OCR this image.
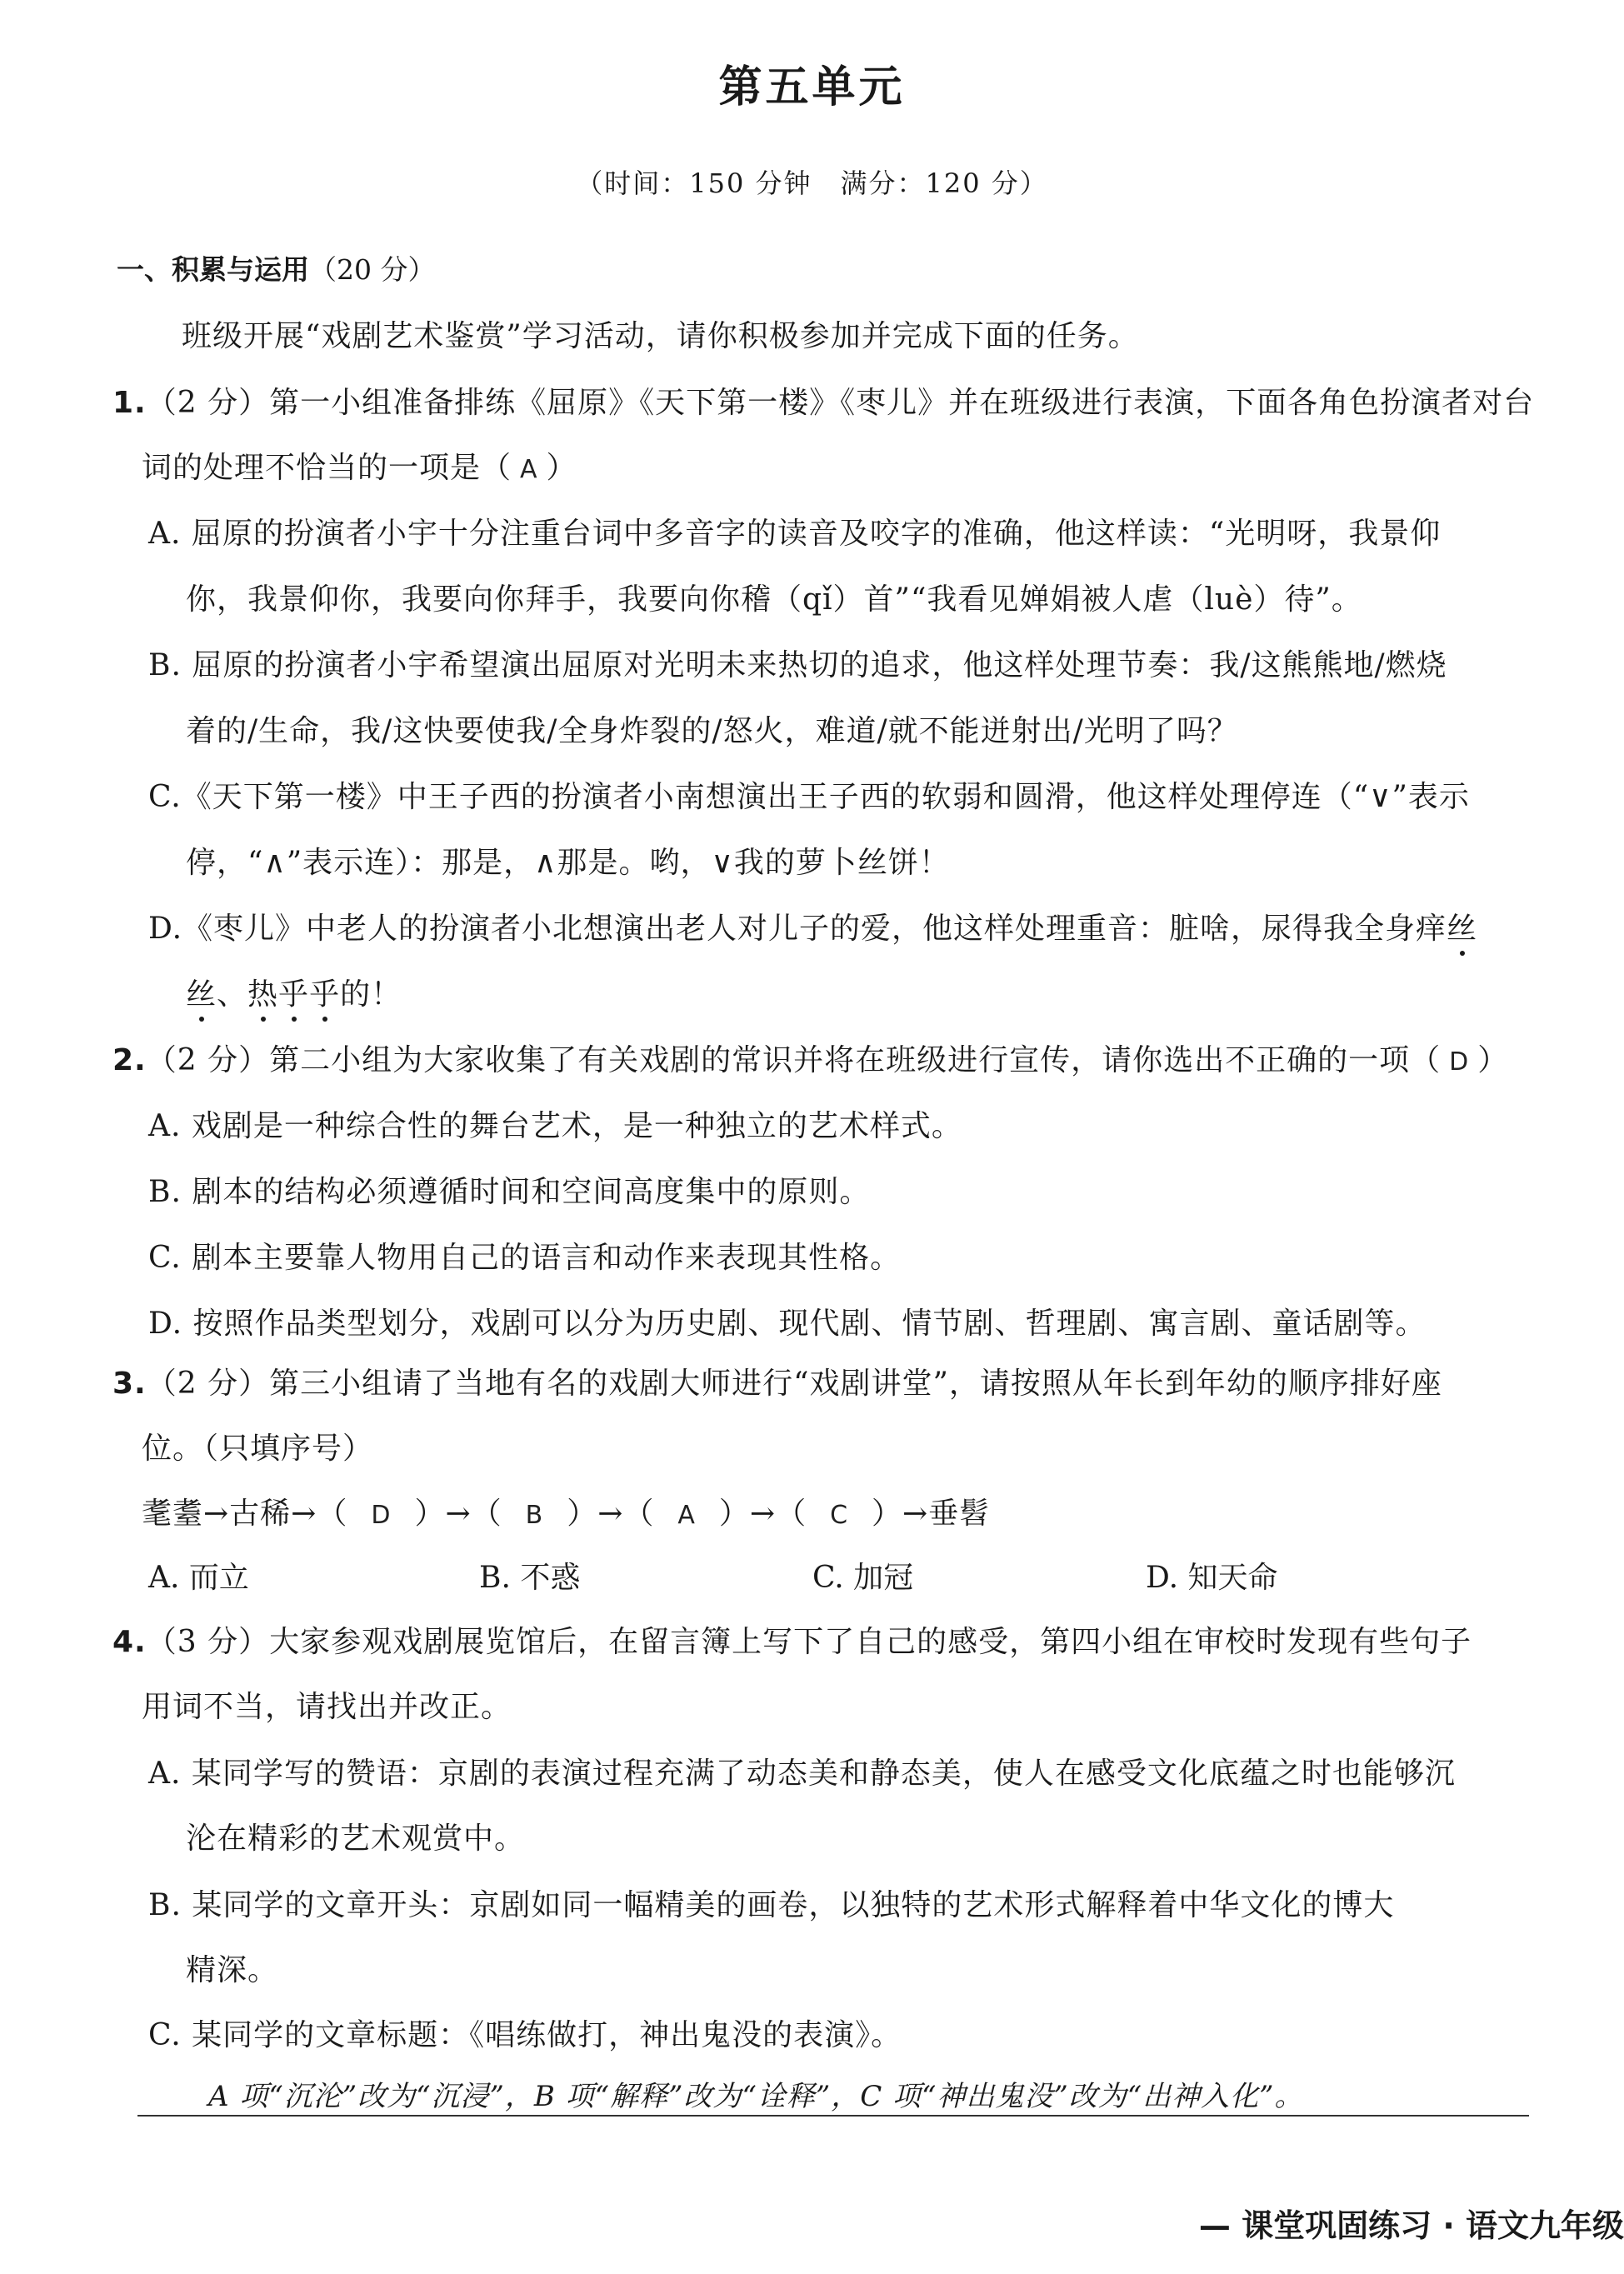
第五单元
（时间：150 分钟　满分：120 分）
一、积累与运用（20 分）
班级开展“戏剧艺术鉴赏”学习活动，请你积极参加并完成下面的任务。
1.（2 分）第一小组准备排练《屈原》《天下第一楼》《枣儿》并在班级进行表演，下面各角色扮演者对台
词的处理不恰当的一项是（ A ）
A. 屈原的扮演者小宇十分注重台词中多音字的读音及咬字的准确，他这样读：“光明呀，我景仰
你，我景仰你，我要向你拜手，我要向你稽（qǐ）首”“我看见婵娟被人虐（luè）待”。
B. 屈原的扮演者小宇希望演出屈原对光明未来热切的追求，他这样处理节奏：我/这熊熊地/燃烧
着的/生命，我/这快要使我/全身炸裂的/怒火，难道/就不能迸射出/光明了吗？
C.《天下第一楼》中王子西的扮演者小南想演出王子西的软弱和圆滑，他这样处理停连（“∨”表示
停，“∧”表示连）：那是，∧那是。哟，∨我的萝卜丝饼！
D.《枣儿》中老人的扮演者小北想演出老人对儿子的爱，他这样处理重音：脏啥，尿得我全身痒丝
丝、热乎乎的！
2.（2 分）第二小组为大家收集了有关戏剧的常识并将在班级进行宣传，请你选出不正确的一项（ D ）
A. 戏剧是一种综合性的舞台艺术，是一种独立的艺术样式。
B. 剧本的结构必须遵循时间和空间高度集中的原则。
C. 剧本主要靠人物用自己的语言和动作来表现其性格。
D. 按照作品类型划分，戏剧可以分为历史剧、现代剧、情节剧、哲理剧、寓言剧、童话剧等。
3.（2 分）第三小组请了当地有名的戏剧大师进行“戏剧讲堂”，请按照从年长到年幼的顺序排好座
位。（只填序号）
耄耋→古稀→（ D ）→（ B ）→（ A ）→（ C ）→垂髫
A. 而立	B. 不惑	C. 加冠	D. 知天命
4.（3 分）大家参观戏剧展览馆后，在留言簿上写下了自己的感受，第四小组在审校时发现有些句子
用词不当，请找出并改正。
A. 某同学写的赞语：京剧的表演过程充满了动态美和静态美，使人在感受文化底蕴之时也能够沉
沦在精彩的艺术观赏中。
B. 某同学的文章开头：京剧如同一幅精美的画卷，以独特的艺术形式解释着中华文化的博大
精深。
C. 某同学的文章标题：《唱练做打，神出鬼没的表演》。
A 项“沉沦”改为“沉浸”，B 项“解释”改为“诠释”，C 项“神出鬼没”改为“出神入化”。
— 课堂巩固练习 · 语文九年级
